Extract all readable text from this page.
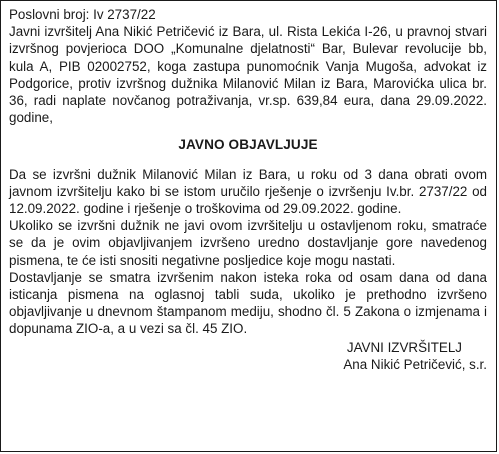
Poslovni broj: Iv 2737/22

Javni izvršitelj Ana Nikić Petričević iz Bara, ul. Rista Lekića I-26, u pravnoj stvari izvršnog povjerioca DOO „Komunalne djelatnosti“ Bar, Bulevar revolucije bb, kula A, PIB 02002752, koga zastupa punomoćnik Vanja Mugoša, advokat iz Podgorice, protiv izvršnog dužnika Milanović Milan iz Bara, Marovićka ulica br. 36, radi naplate novčanog potraživanja, vr.sp. 639,84 eura, dana 29.09.2022. godine,

JAVNO OBJAVLJUJE

Da se izvršni dužnik Milanović Milan iz Bara, u roku od 3 dana obrati ovom javnom izvršitelju kako bi se istom uručilo rješenje o izvršenju Iv.br. 2737/22 od 12.09.2022. godine i rješenje o troškovima od 29.09.2022. godine.

Ukoliko se izvršni dužnik ne javi ovom izvršitelju u ostavljenom roku, smatraće se da je ovim objavljivanjem izvršeno uredno dostavljanje gore navedenog pismena, te će isti snositi negativne posljedice koje mogu nastati.

Dostavljanje se smatra izvršenim nakon isteka roka od osam dana od dana isticanja pismena na oglasnoj tabli suda, ukoliko je prethodno izvršeno objavljivanje u dnevnom štampanom mediju, shodno čl. 5 Zakona o izmjenama i dopunama ZIO-a, a u vezi sa čl. 45 ZIO.

JAVNI IZVRŠITELJ
Ana Nikić Petričević, s.r.
